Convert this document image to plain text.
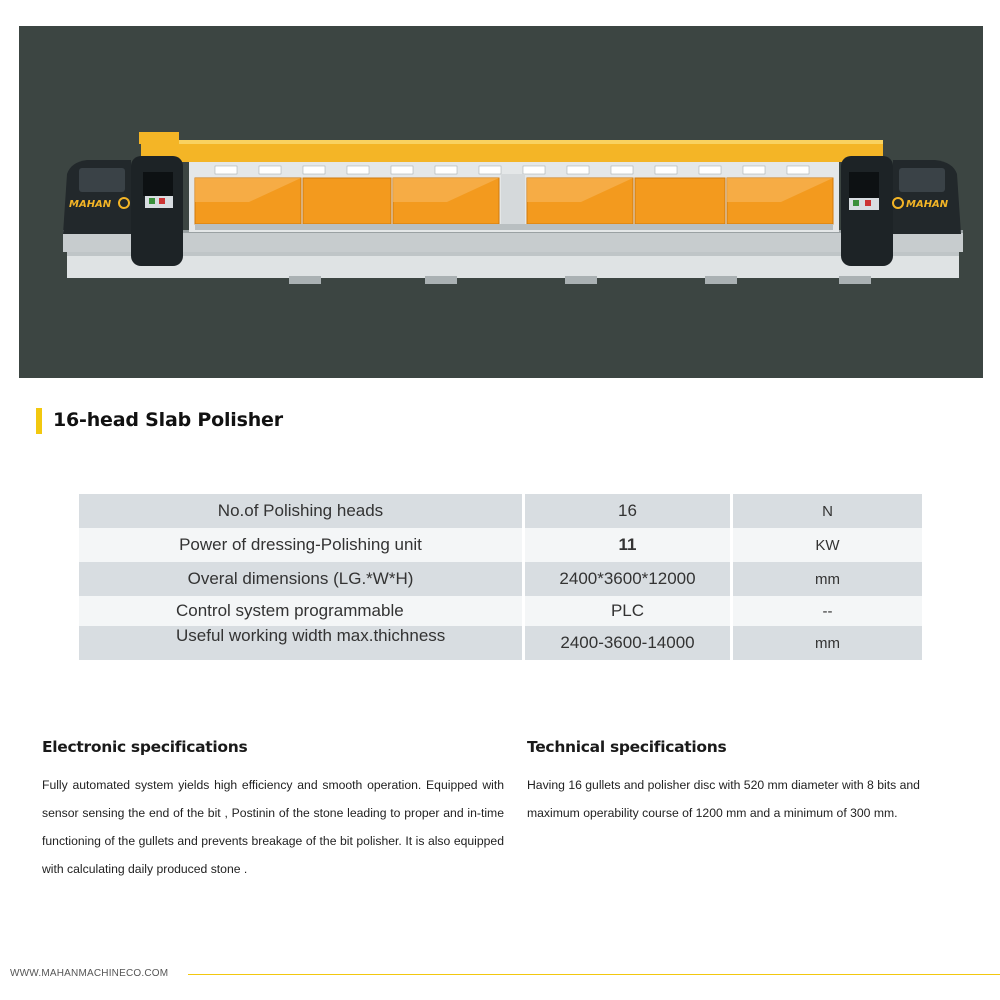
MAHAN	MAHAN
16-head Slab Polisher
No.of Polishing heads	16	N
Power of dressing-Polishing unit	11	KW
Overal dimensions (LG.*W*H)	2400*3600*12000	mm
Control system programmable	PLC	--
Useful working width max.thichness	2400-3600-14000	mm
Electronic specifications

Fully automated system yields high efficiency and smooth operation. Equipped with sensor sensing the end of the bit , Postinin of the stone leading to proper and in-time functioning of the gullets and prevents breakage of the bit polisher. It is also equipped with calculating daily produced stone .

Technical specifications

Having 16 gullets and polisher disc with 520 mm diameter with 8 bits and maximum operability course of 1200 mm and a minimum of 300 mm.

WWW.MAHANMACHINECO.COM
